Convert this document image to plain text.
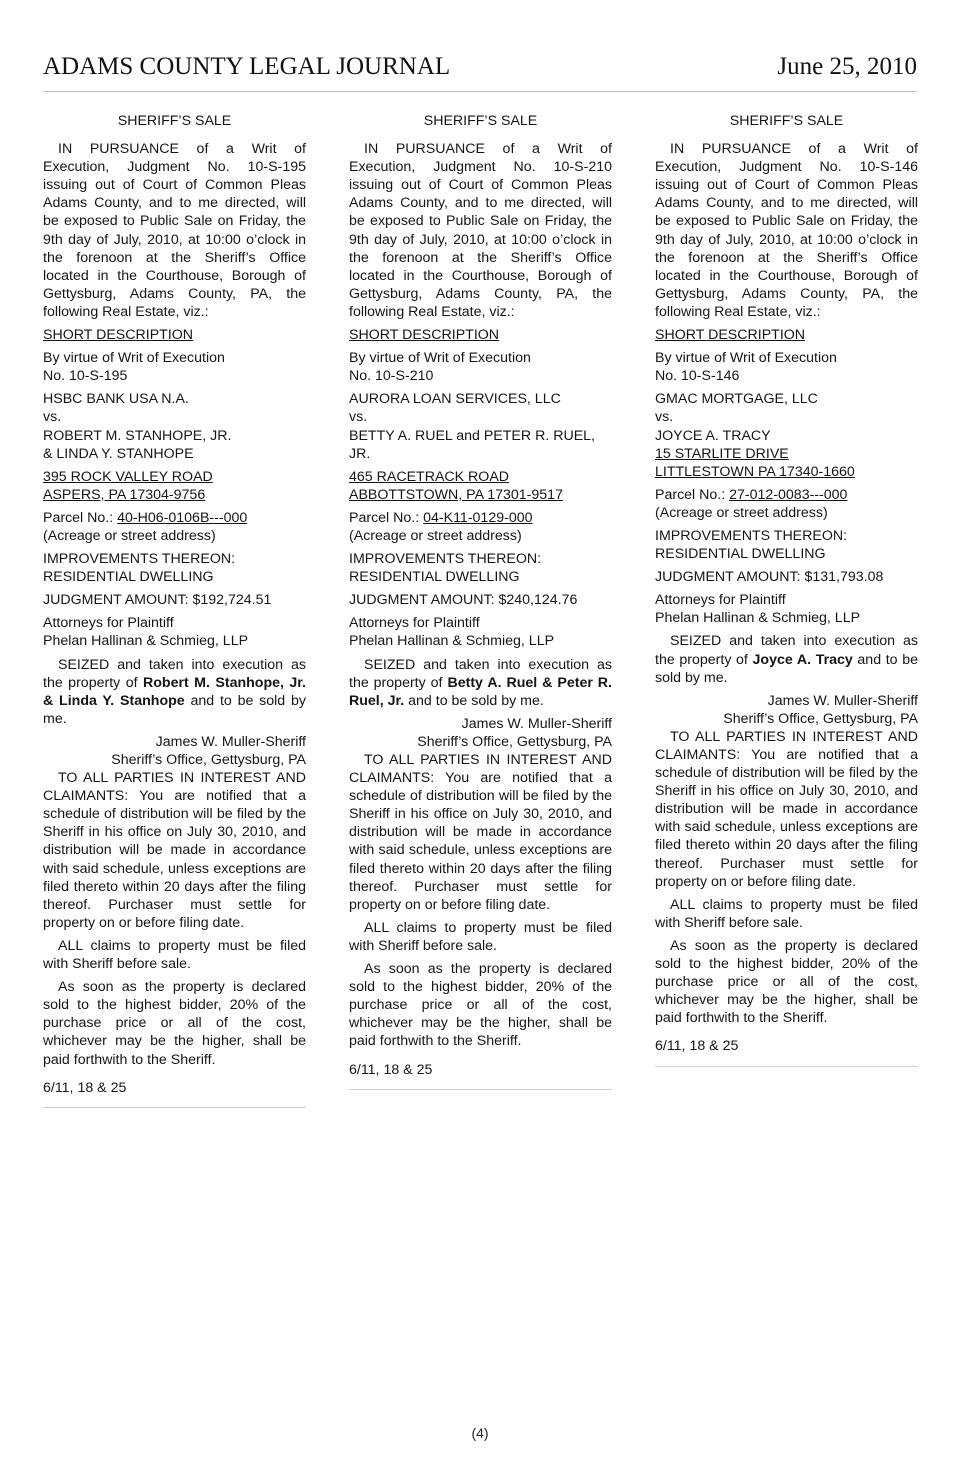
ADAMS COUNTY LEGAL JOURNAL	June 25, 2010

SHERIFF’S SALE

IN PURSUANCE of a Writ of Execution, Judgment No. 10-S-195 issuing out of Court of Common Pleas Adams County, and to me directed, will be exposed to Public Sale on Friday, the 9th day of July, 2010, at 10:00 o’clock in the forenoon at the Sheriff’s Office located in the Courthouse, Borough of Gettysburg, Adams County, PA, the following Real Estate, viz.:

SHORT DESCRIPTION

By virtue of Writ of Execution

No. 10-S-195

HSBC BANK USA N.A.

vs.

ROBERT M. STANHOPE, JR.

& LINDA Y. STANHOPE

395 ROCK VALLEY ROAD

ASPERS, PA 17304-9756

Parcel No.: 40-H06-0106B---000

(Acreage or street address)

IMPROVEMENTS THEREON:

RESIDENTIAL DWELLING

JUDGMENT AMOUNT: $192,724.51

Attorneys for Plaintiff

Phelan Hallinan & Schmieg, LLP

SEIZED and taken into execution as the property of Robert M. Stanhope, Jr. & Linda Y. Stanhope and to be sold by me.

James W. Muller-Sheriff

Sheriff’s Office, Gettysburg, PA

TO ALL PARTIES IN INTEREST AND CLAIMANTS: You are notified that a schedule of distribution will be filed by the Sheriff in his office on July 30, 2010, and distribution will be made in accordance with said schedule, unless exceptions are filed thereto within 20 days after the filing thereof. Purchaser must settle for property on or before filing date.

ALL claims to property must be filed with Sheriff before sale.

As soon as the property is declared sold to the highest bidder, 20% of the purchase price or all of the cost, whichever may be the higher, shall be paid forthwith to the Sheriff.

6/11, 18 & 25

SHERIFF’S SALE

IN PURSUANCE of a Writ of Execution, Judgment No. 10-S-210 issuing out of Court of Common Pleas Adams County, and to me directed, will be exposed to Public Sale on Friday, the 9th day of July, 2010, at 10:00 o’clock in the forenoon at the Sheriff’s Office located in the Courthouse, Borough of Gettysburg, Adams County, PA, the following Real Estate, viz.:

SHORT DESCRIPTION

By virtue of Writ of Execution

No. 10-S-210

AURORA LOAN SERVICES, LLC

vs.

BETTY A. RUEL and PETER R. RUEL, JR.

465 RACETRACK ROAD

ABBOTTSTOWN, PA 17301-9517

Parcel No.: 04-K11-0129-000

(Acreage or street address)

IMPROVEMENTS THEREON:

RESIDENTIAL DWELLING

JUDGMENT AMOUNT: $240,124.76

Attorneys for Plaintiff

Phelan Hallinan & Schmieg, LLP

SEIZED and taken into execution as the property of Betty A. Ruel & Peter R. Ruel, Jr. and to be sold by me.

James W. Muller-Sheriff

Sheriff’s Office, Gettysburg, PA

TO ALL PARTIES IN INTEREST AND CLAIMANTS: You are notified that a schedule of distribution will be filed by the Sheriff in his office on July 30, 2010, and distribution will be made in accordance with said schedule, unless exceptions are filed thereto within 20 days after the filing thereof. Purchaser must settle for property on or before filing date.

ALL claims to property must be filed with Sheriff before sale.

As soon as the property is declared sold to the highest bidder, 20% of the purchase price or all of the cost, whichever may be the higher, shall be paid forthwith to the Sheriff.

6/11, 18 & 25

SHERIFF’S SALE

IN PURSUANCE of a Writ of Execution, Judgment No. 10-S-146 issuing out of Court of Common Pleas Adams County, and to me directed, will be exposed to Public Sale on Friday, the 9th day of July, 2010, at 10:00 o’clock in the forenoon at the Sheriff’s Office located in the Courthouse, Borough of Gettysburg, Adams County, PA, the following Real Estate, viz.:

SHORT DESCRIPTION

By virtue of Writ of Execution

No. 10-S-146

GMAC MORTGAGE, LLC

vs.

JOYCE A. TRACY

15 STARLITE DRIVE

LITTLESTOWN PA 17340-1660

Parcel No.: 27-012-0083---000

(Acreage or street address)

IMPROVEMENTS THEREON:

RESIDENTIAL DWELLING

JUDGMENT AMOUNT: $131,793.08

Attorneys for Plaintiff

Phelan Hallinan & Schmieg, LLP

SEIZED and taken into execution as the property of Joyce A. Tracy and to be sold by me.

James W. Muller-Sheriff

Sheriff’s Office, Gettysburg, PA

TO ALL PARTIES IN INTEREST AND CLAIMANTS: You are notified that a schedule of distribution will be filed by the Sheriff in his office on July 30, 2010, and distribution will be made in accordance with said schedule, unless exceptions are filed thereto within 20 days after the filing thereof. Purchaser must settle for property on or before filing date.

ALL claims to property must be filed with Sheriff before sale.

As soon as the property is declared sold to the highest bidder, 20% of the purchase price or all of the cost, whichever may be the higher, shall be paid forthwith to the Sheriff.

6/11, 18 & 25

(4)
